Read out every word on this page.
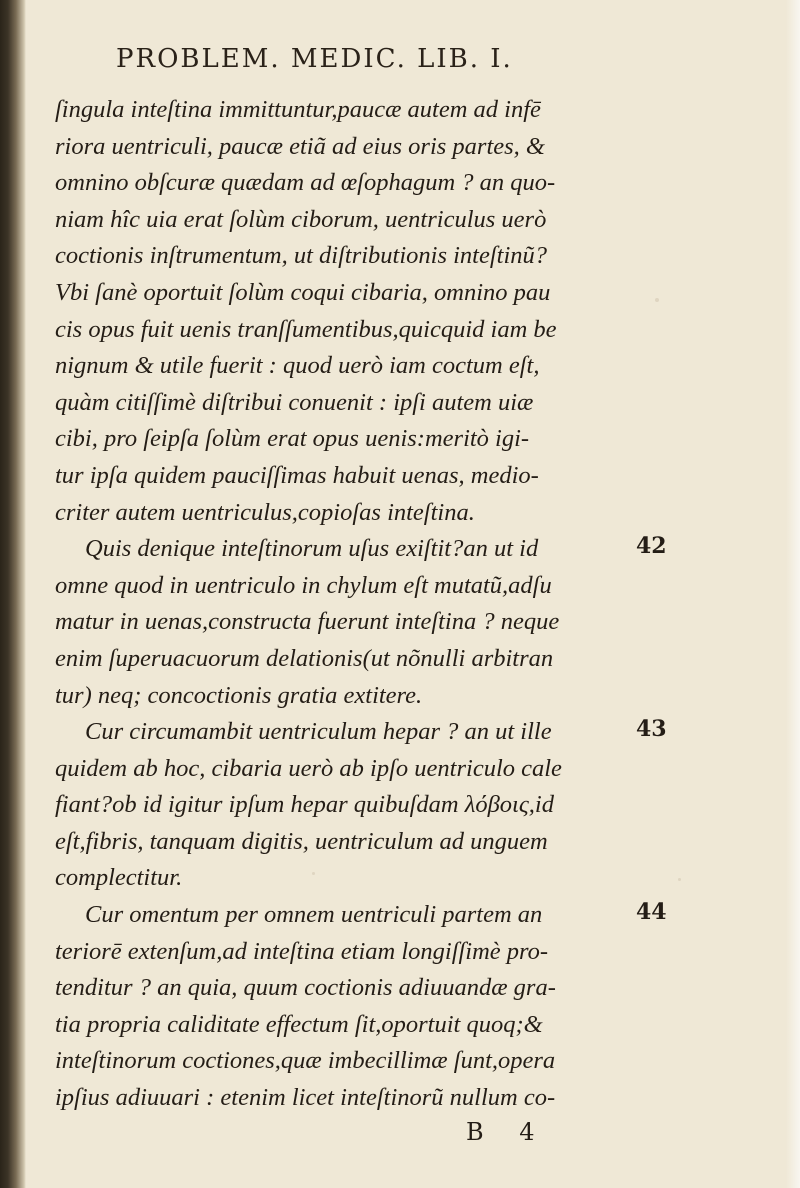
PROBLEM. MEDIC. LIB. I.
ſingula inteſtina immittuntur,paucæ autem ad infē
riora uentriculi, paucæ etiã ad eius oris partes, &
omnino obſcuræ quædam ad œſophagum ? an quo-
niam hîc uia erat ſolùm ciborum, uentriculus uerò
coctionis inſtrumentum, ut diſtributionis inteſtinũ?
Vbi ſanè oportuit ſolùm coqui cibaria, omnino pau
cis opus fuit uenis tranſſumentibus,quicquid iam be
nignum & utile fuerit : quod uerò iam coctum eſt,
quàm citiſſimè diſtribui conuenit : ipſi autem uiæ
cibi, pro ſeipſa ſolùm erat opus uenis:meritò igi-
tur ipſa quidem pauciſſimas habuit uenas, medio-
criter autem uentriculus,copioſas inteſtina.
Quis denique inteſtinorum uſus exiſtit?an ut id
omne quod in uentriculo in chylum eſt mutatũ,adſu
matur in uenas,constructa fuerunt inteſtina ? neque
enim ſuperuacuorum delationis(ut nõnulli arbitran
tur) neq; concoctionis gratia extitere.
Cur circumambit uentriculum hepar ? an ut ille
quidem ab hoc, cibaria uerò ab ipſo uentriculo cale
fiant?ob id igitur ipſum hepar quibuſdam λόβοις,id
eſt,fibris, tanquam digitis, uentriculum ad unguem
complectitur.
Cur omentum per omnem uentriculi partem an
teriorē extenſum,ad inteſtina etiam longiſſimè pro-
tenditur ? an quia, quum coctionis adiuuandæ gra-
tia propria caliditate effectum ſit,oportuit quoq;&
inteſtinorum coctiones,quæ imbecillimæ ſunt,opera
ipſius adiuuari : etenim licet inteſtinorũ nullum co-
42
43
44
B 4
